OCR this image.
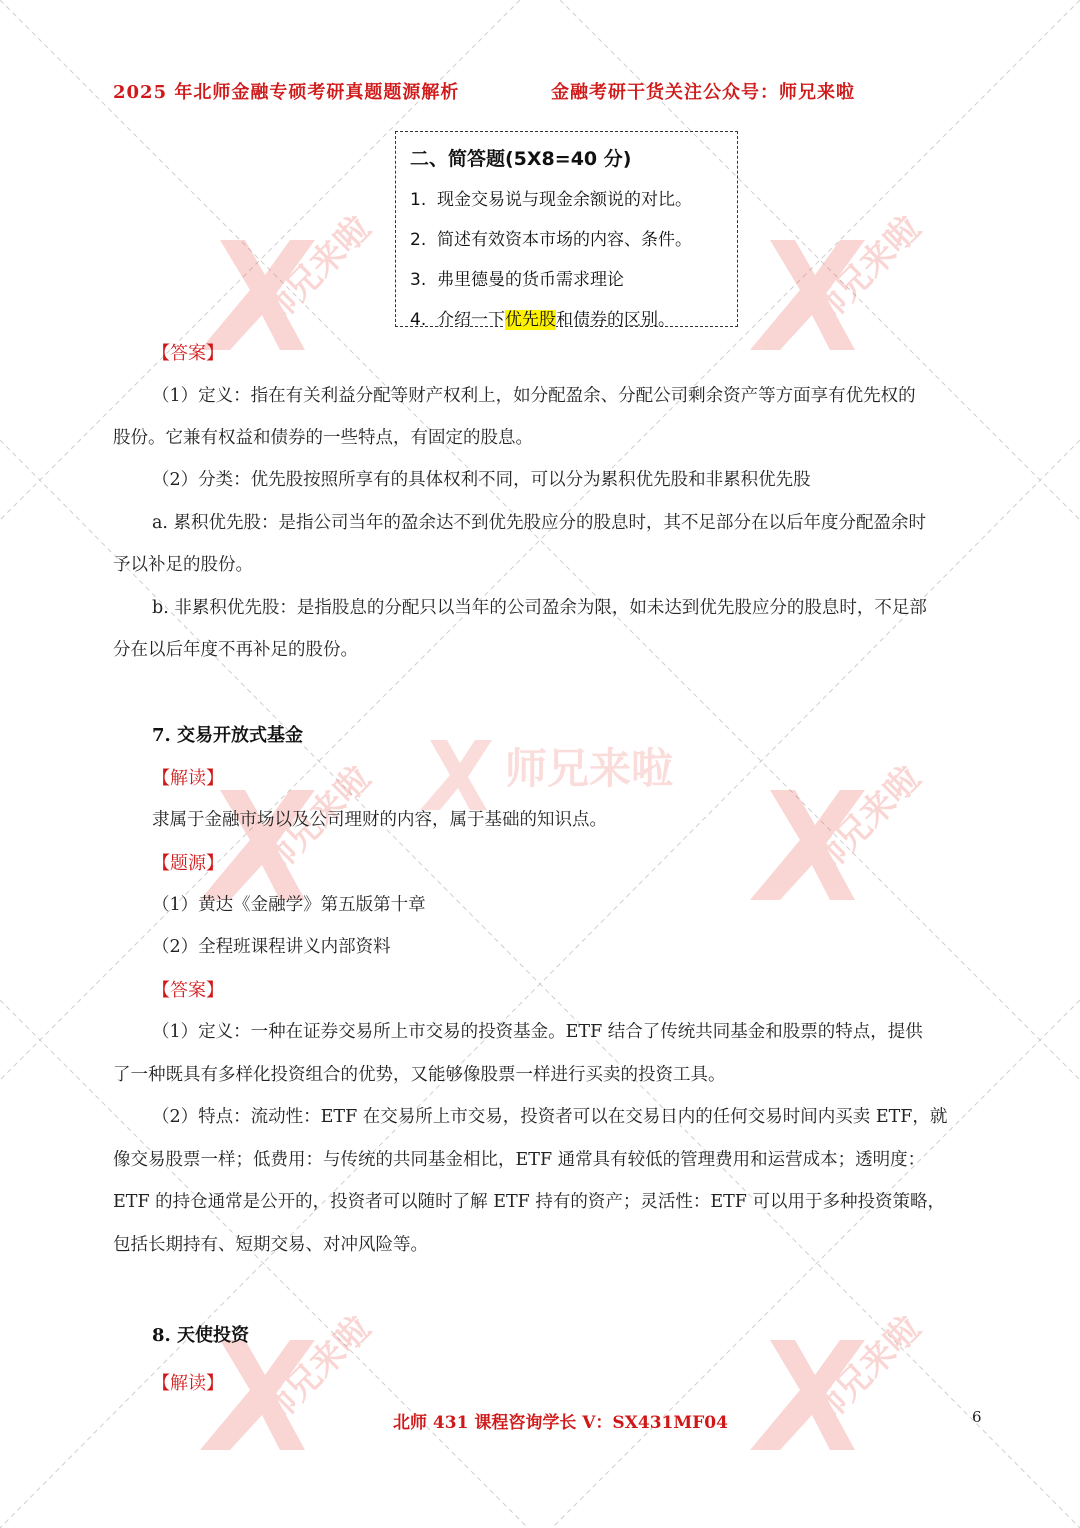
师兄来啦	师兄来啦
师兄来啦	师兄来啦
师兄来啦	师兄来啦
师兄来啦
2025 年北师金融专硕考研真题题源解析	金融考研干货关注公众号：师兄来啦
二、简答题(5X8=40 分)
1. 现金交易说与现金余额说的对比。
2. 简述有效资本市场的内容、条件。
3. 弗里德曼的货币需求理论
4. 介绍一下优先股和债券的区别。
【答案】
（1）定义：指在有关利益分配等财产权利上，如分配盈余、分配公司剩余资产等方面享有优先权的
股份。它兼有权益和债券的一些特点，有固定的股息。
（2）分类：优先股按照所享有的具体权利不同，可以分为累积优先股和非累积优先股
a. 累积优先股：是指公司当年的盈余达不到优先股应分的股息时，其不足部分在以后年度分配盈余时
予以补足的股份。
b. 非累积优先股：是指股息的分配只以当年的公司盈余为限，如未达到优先股应分的股息时，不足部
分在以后年度不再补足的股份。
7. 交易开放式基金
【解读】
隶属于金融市场以及公司理财的内容，属于基础的知识点。
【题源】
（1）黄达《金融学》第五版第十章
（2）全程班课程讲义内部资料
【答案】
（1）定义：一种在证券交易所上市交易的投资基金。ETF 结合了传统共同基金和股票的特点，提供
了一种既具有多样化投资组合的优势，又能够像股票一样进行买卖的投资工具。
（2）特点：流动性：ETF 在交易所上市交易，投资者可以在交易日内的任何交易时间内买卖 ETF，就
像交易股票一样；低费用：与传统的共同基金相比，ETF 通常具有较低的管理费用和运营成本；透明度：
ETF 的持仓通常是公开的，投资者可以随时了解 ETF 持有的资产；灵活性：ETF 可以用于多种投资策略，
包括长期持有、短期交易、对冲风险等。
8. 天使投资
【解读】
北师 431 课程咨询学长 V：SX431MF04	6
